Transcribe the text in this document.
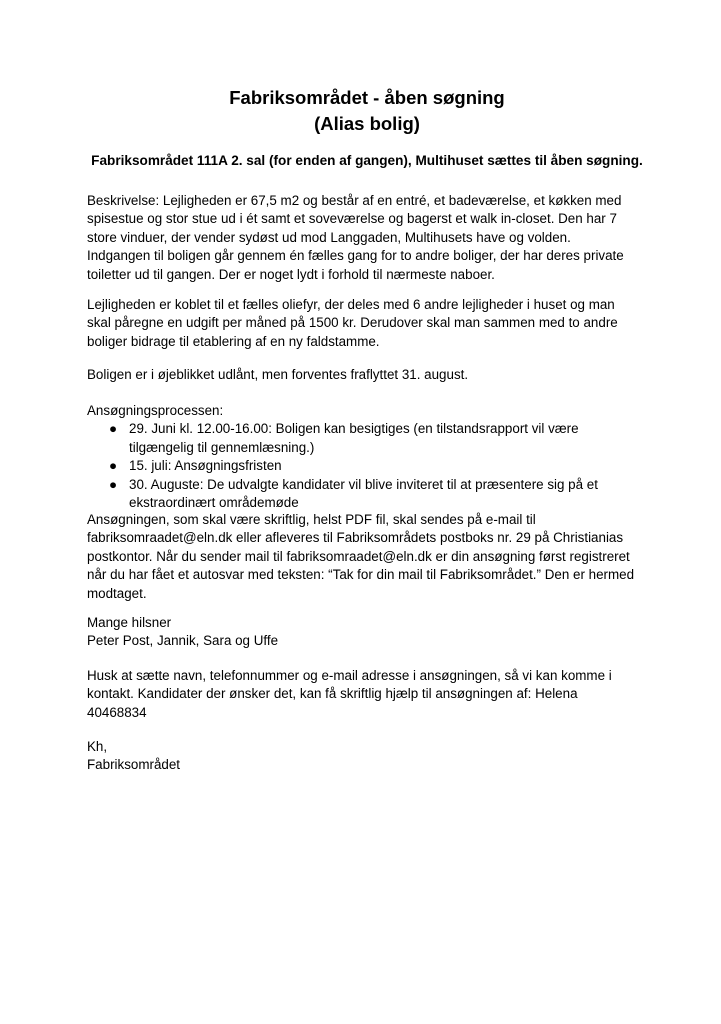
Fabriksområdet - åben søgning

(Alias bolig)

Fabriksområdet 111A 2. sal (for enden af gangen), Multihuset sættes til åben søgning.

Beskrivelse: Lejligheden er 67,5 m2 og består af en entré, et badeværelse, et køkken med

spisestue og stor stue ud i ét samt et soveværelse og bagerst et walk in-closet. Den har 7

store vinduer, der vender sydøst ud mod Langgaden, Multihusets have og volden.

Indgangen til boligen går gennem én fælles gang for to andre boliger, der har deres private

toiletter ud til gangen. Der er noget lydt i forhold til nærmeste naboer.

Lejligheden er koblet til et fælles oliefyr, der deles med 6 andre lejligheder i huset og man

skal påregne en udgift per måned på 1500 kr. Derudover skal man sammen med to andre

boliger bidrage til etablering af en ny faldstamme.

Boligen er i øjeblikket udlånt, men forventes fraflyttet 31. august.

Ansøgningsprocessen:

● 29. Juni kl. 12.00-16.00: Boligen kan besigtiges (en tilstandsrapport vil være
tilgængelig til gennemlæsning.)
● 15. juli: Ansøgningsfristen
● 30. Auguste: De udvalgte kandidater vil blive inviteret til at præsentere sig på et
ekstraordinært områdemøde

Ansøgningen, som skal være skriftlig, helst PDF fil, skal sendes på e-mail til

fabriksomraadet@eln.dk eller afleveres til Fabriksområdets postboks nr. 29 på Christianias

postkontor. Når du sender mail til fabriksomraadet@eln.dk er din ansøgning først registreret

når du har fået et autosvar med teksten: “Tak for din mail til Fabriksområdet.” Den er hermed

modtaget.

Mange hilsner

Peter Post, Jannik, Sara og Uffe

Husk at sætte navn, telefonnummer og e-mail adresse i ansøgningen, så vi kan komme i

kontakt. Kandidater der ønsker det, kan få skriftlig hjælp til ansøgningen af: Helena

40468834

Kh,

Fabriksområdet
